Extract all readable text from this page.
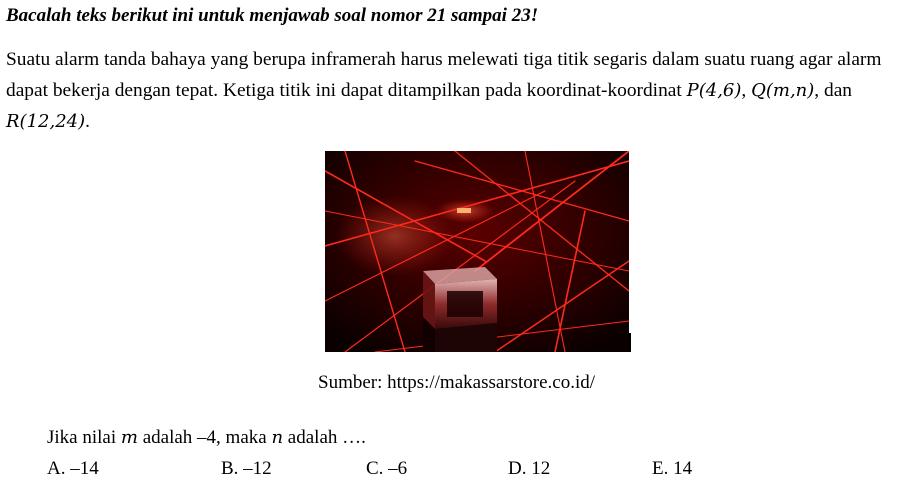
Bacalah teks berikut ini untuk menjawab soal nomor 21 sampai 23!
Suatu alarm tanda bahaya yang berupa inframerah harus melewati tiga titik segaris dalam suatu ruang agar alarm dapat bekerja dengan tepat. Ketiga titik ini dapat ditampilkan pada koordinat-koordinat P(4,6), Q(m,n), dan R(12,24).
Sumber: https://makassarstore.co.id/
Jika nilai m adalah –4, maka n adalah ….
A. –14	B. –12	C. –6	D. 12	E. 14
